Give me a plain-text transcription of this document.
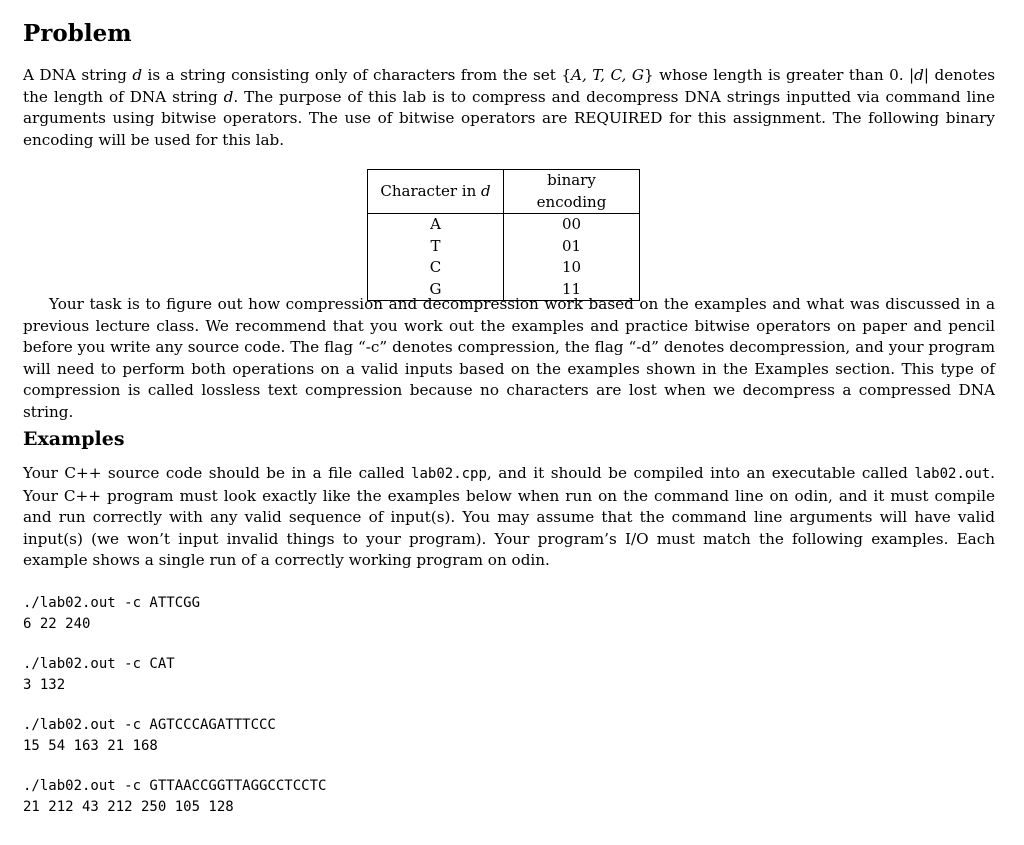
Problem

A DNA string d is a string consisting only of characters from the set {A, T, C, G} whose length is greater than 0. |d| denotes the length of DNA string d. The purpose of this lab is to compress and decompress DNA strings inputted via command line arguments using bitwise operators. The use of bitwise operators are REQUIRED for this assignment. The following binary encoding will be used for this lab.

Character in d	binary encoding
A	00
T	01
C	10
G	11

Your task is to figure out how compression and decompression work based on the examples and what was discussed in a previous lecture class. We recommend that you work out the examples and practice bitwise operators on paper and pencil before you write any source code. The flag “-c” denotes compression, the flag “-d” denotes decompression, and your program will need to perform both operations on a valid inputs based on the examples shown in the Examples section. This type of compression is called lossless text compression because no characters are lost when we decompress a compressed DNA string.

Examples

Your C++ source code should be in a file called lab02.cpp, and it should be compiled into an executable called lab02.out. Your C++ program must look exactly like the examples below when run on the command line on odin, and it must compile and run correctly with any valid sequence of input(s). You may assume that the command line arguments will have valid input(s) (we won’t input invalid things to your program). Your program’s I/O must match the following examples. Each example shows a single run of a correctly working program on odin.

./lab02.out -c ATTCGG
6 22 240
./lab02.out -c CAT
3 132
./lab02.out -c AGTCCCAGATTTCCC
15 54 163 21 168
./lab02.out -c GTTAACCGGTTAGGCCTCCTC
21 212 43 212 250 105 128
